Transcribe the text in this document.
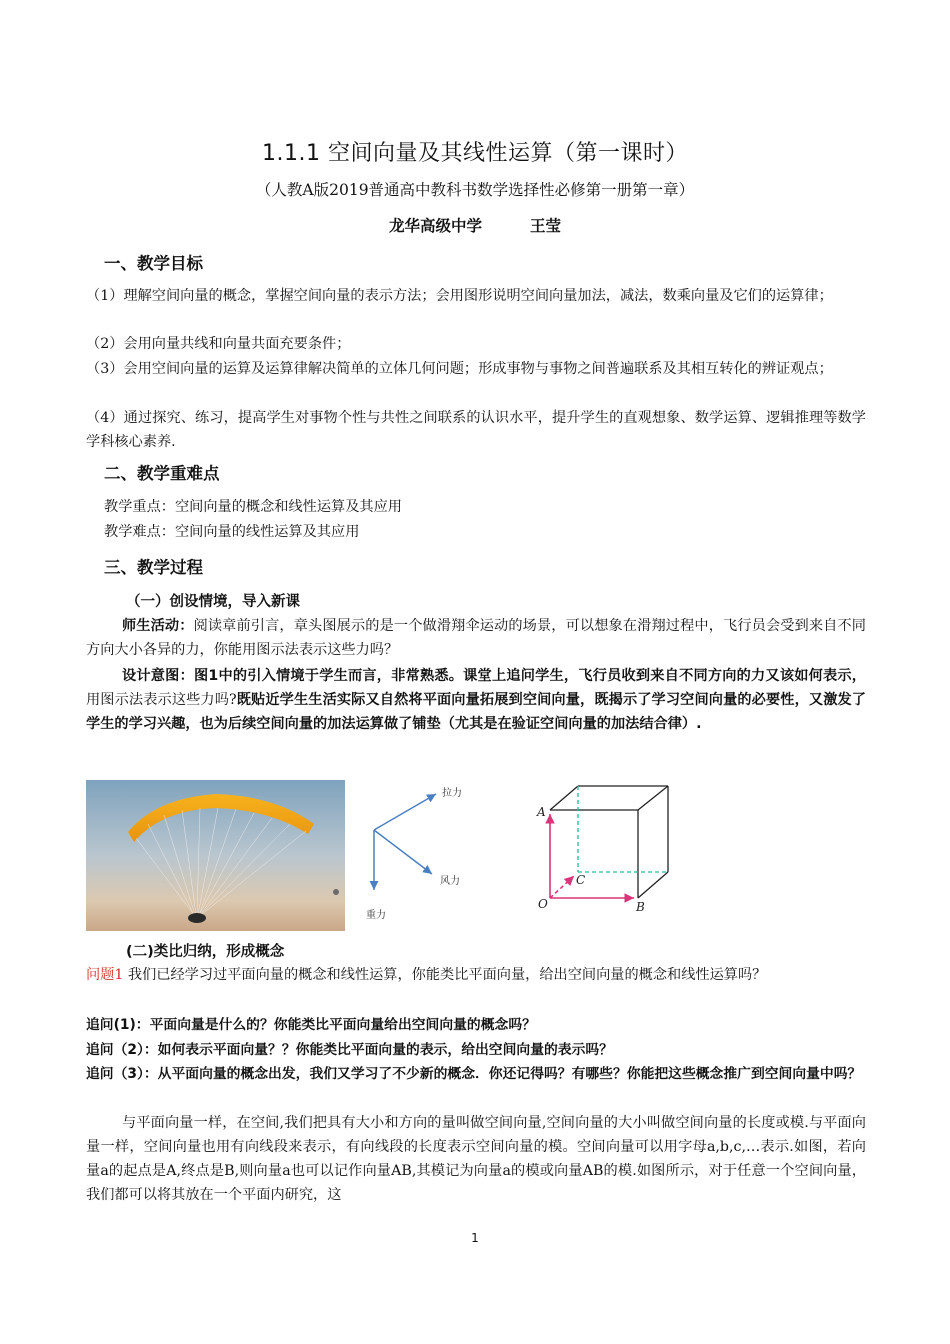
1.1.1 空间向量及其线性运算（第一课时）
（人教A版2019普通高中教科书数学选择性必修第一册第一章）
龙华高级中学	王莹
一、教学目标
（1）理解空间向量的概念，掌握空间向量的表示方法；会用图形说明空间向量加法，减法，数乘向量及它们的运算律；
（2）会用向量共线和向量共面充要条件；
（3）会用空间向量的运算及运算律解决简单的立体几何问题；形成事物与事物之间普遍联系及其相互转化的辨证观点；
（4）通过探究、练习，提高学生对事物个性与共性之间联系的认识水平，提升学生的直观想象、数学运算、逻辑推理等数学学科核心素养.
二、教学重难点
教学重点：空间向量的概念和线性运算及其应用
教学难点：空间向量的线性运算及其应用
三、教学过程
（一）创设情境，导入新课
师生活动：阅读章前引言，章头图展示的是一个做滑翔伞运动的场景，可以想象在滑翔过程中，飞行员会受到来自不同方向大小各异的力，你能用图示法表示这些力吗？
设计意图：图1中的引入情境于学生而言，非常熟悉。课堂上追问学生，飞行员收到来自不同方向的力又该如何表示，用图示法表示这些力吗?既贴近学生生活实际又自然将平面向量拓展到空间向量，既揭示了学习空间向量的必要性，又激发了学生的学习兴趣，也为后续空间向量的加法运算做了铺垫（尤其是在验证空间向量的加法结合律）.
拉力
风力
重力
A
O	B
C
(二)类比归纳，形成概念
问题1 我们已经学习过平面向量的概念和线性运算，你能类比平面向量，给出空间向量的概念和线性运算吗？
追问(1)：平面向量是什么的？你能类比平面向量给出空间向量的概念吗？
追问（2）：如何表示平面向量？？你能类比平面向量的表示，给出空间向量的表示吗？
追问（3）：从平面向量的概念出发，我们又学习了不少新的概念．你还记得吗？有哪些？你能把这些概念推广到空间向量中吗？
与平面向量一样，在空间,我们把具有大小和方向的量叫做空间向量,空间向量的大小叫做空间向量的长度或模.与平面向量一样，空间向量也用有向线段来表示，有向线段的长度表示空间向量的模。空间向量可以用字母a,b,c,…表示.如图，若向量a的起点是A,终点是B,则向量a也可以记作向量AB,其模记为向量a的模或向量AB的模.如图所示，对于任意一个空间向量，我们都可以将其放在一个平面内研究，这
1
